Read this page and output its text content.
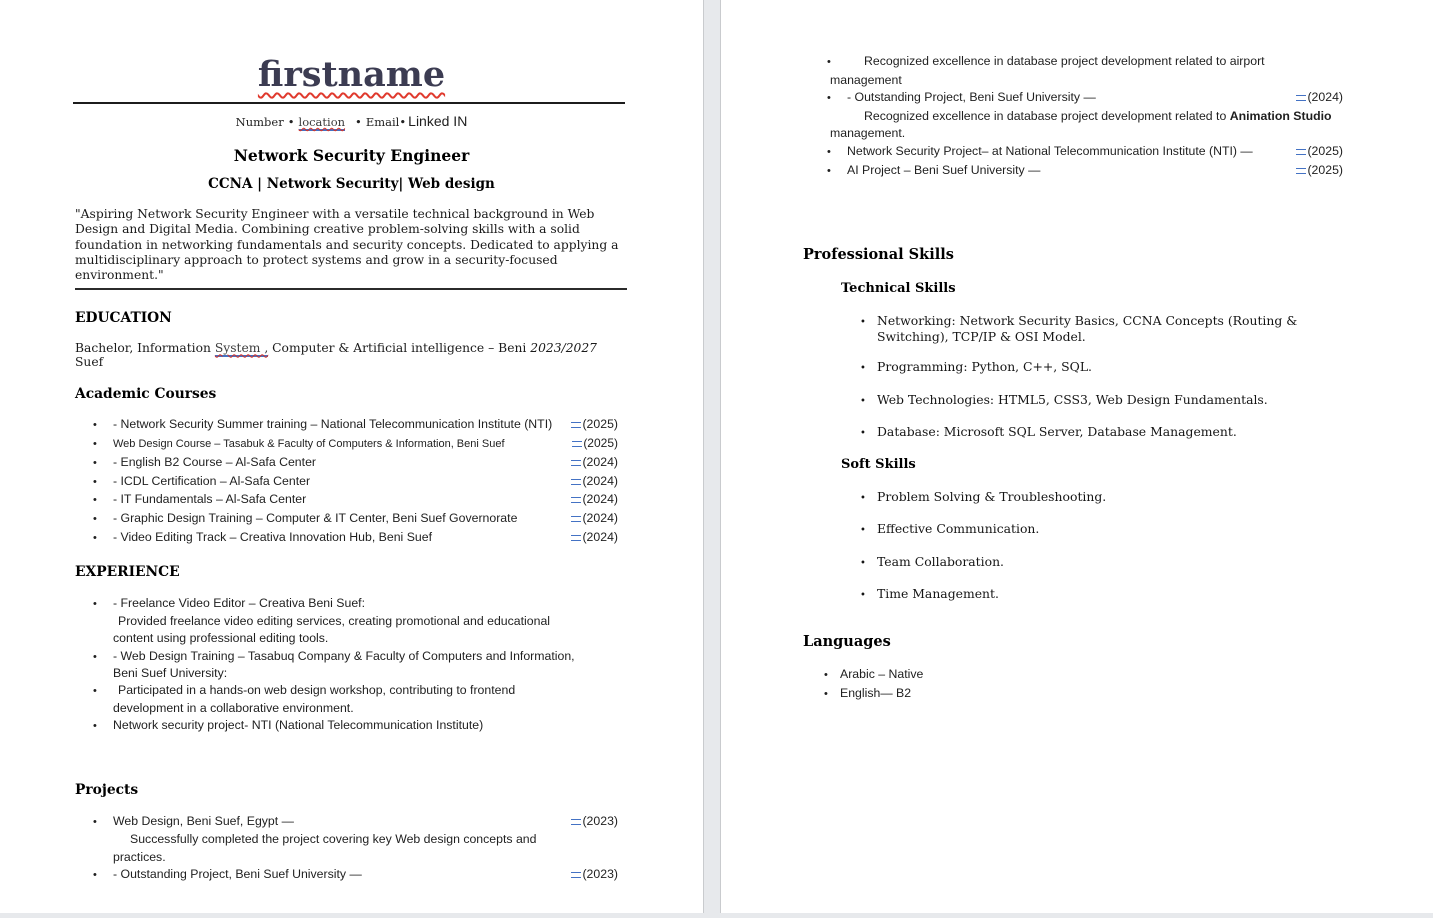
firstname
Number • location • Email• Linked IN
Network Security Engineer
CCNA | Network Security| Web design
"Aspiring Network Security Engineer with a versatile technical background in Web Design and Digital Media. Combining creative problem-solving skills with a solid foundation in networking fundamentals and security concepts. Dedicated to applying a multidisciplinary approach to protect systems and grow in a security-focused environment."
EDUCATION
Bachelor, Information System , Computer & Artificial intelligence – Beni Suef
2023/2027
Academic Courses
•	- Network Security Summer training – National Telecommunication Institute (NTI)	(2025)
•	Web Design Course – Tasabuk & Faculty of Computers & Information, Beni Suef	(2025)
•	- English B2 Course – Al-Safa Center	(2024)
•	- ICDL Certification – Al-Safa Center	(2024)
•	- IT Fundamentals – Al-Safa Center	(2024)
•	- Graphic Design Training – Computer & IT Center, Beni Suef Governorate	(2024)
•	- Video Editing Track – Creativa Innovation Hub, Beni Suef	(2024)
EXPERIENCE
•	- Freelance Video Editor – Creativa Beni Suef:
Provided freelance video editing services, creating promotional and educational
content using professional editing tools.
•	- Web Design Training – Tasabuq Company & Faculty of Computers and Information,
Beni Suef University:
•	Participated in a hands-on web design workshop, contributing to frontend
development in a collaborative environment.
•	Network security project- NTI (National Telecommunication Institute)
Projects
•	Web Design, Beni Suef, Egypt —	(2023)
Successfully completed the project covering key Web design concepts and
practices.
•	- Outstanding Project, Beni Suef University —	(2023)
•	Recognized excellence in database project development related to airport
management
•	- Outstanding Project, Beni Suef University —	(2024)
Recognized excellence in database project development related to Animation Studio
management.
•	Network Security Project– at National Telecommunication Institute (NTI) —	(2025)
•	AI Project – Beni Suef University —	(2025)
Professional Skills
Technical Skills
• Networking: Network Security Basics, CCNA Concepts (Routing & Switching), TCP/IP & OSI Model.
• Programming: Python, C++, SQL.
• Web Technologies: HTML5, CSS3, Web Design Fundamentals.
• Database: Microsoft SQL Server, Database Management.
Soft Skills
• Problem Solving & Troubleshooting.
• Effective Communication.
• Team Collaboration.
• Time Management.
Languages
• Arabic – Native
• English— B2
